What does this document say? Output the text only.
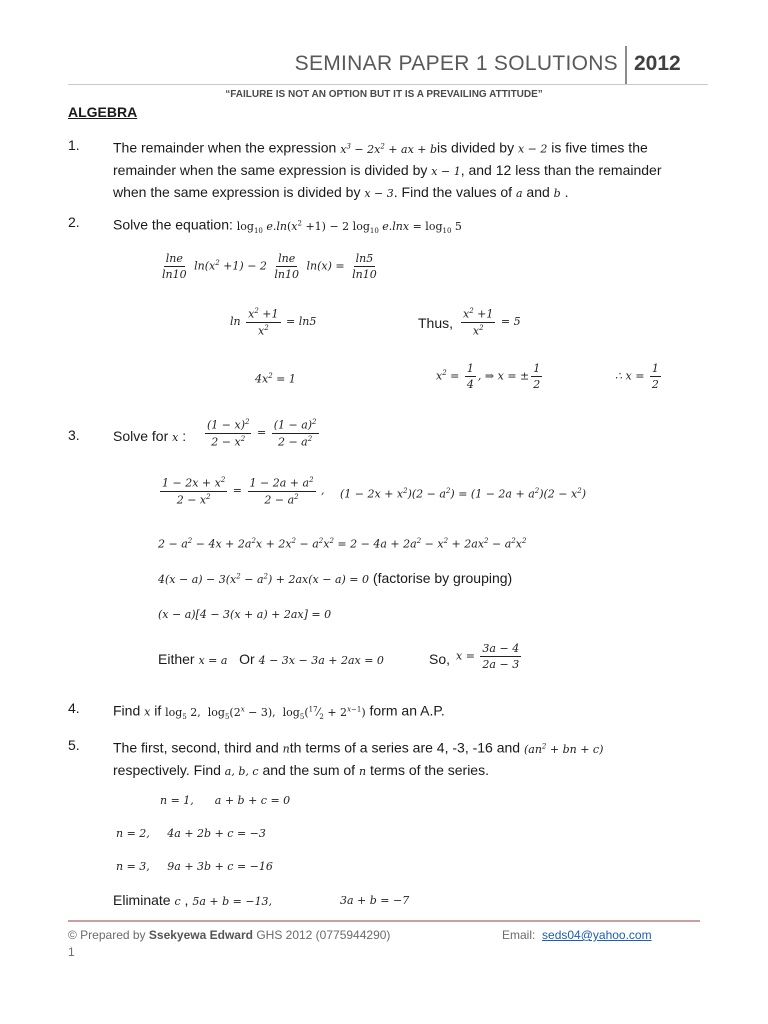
SEMINAR PAPER 1 SOLUTIONS 2012
“FAILURE IS NOT AN OPTION BUT IT IS A PREVAILING ATTITUDE”
ALGEBRA
1. The remainder when the expression $x^3 - 2x^2$ + ax + bis divided by x − 2 is five times the
remainder when the same expression is divided by x − 1, and 12 less than the remainder
when the same expression is divided by x − 3. Find the values of a and b .
2. Solve the equation: $\log_{10} e.\ln(x^2 +1) - 2$ $\log_{10} e.\ln x = \log_{10} 5$
$\frac{\ln e}{\ln 10} \ln(x^2 +1) - 2 \frac{\ln e}{\ln 10} \ln(x) = \frac{\ln 5}{\ln 10}$
$\ln \frac{x^2 +1}{x^2} = \ln 5$	Thus, $\frac{x^2 +1}{x^2} = 5$
$4x^2 = 1$	$x^2 = \frac{1}{4}$ , ⇒ x = ± $\frac{1}{2}$	∴ $x = \frac{1}{2}$
3. Solve for x : $\frac{(1 - x)^2}{2 - x^2} = \frac{(1 - a)^2}{2 - a^2}$
$\frac{1 - 2x + x^2}{2 - x^2} = \frac{1 - 2a + a^2}{2 - a^2}$ , $(1 - 2x + x^2)(2 - a^2) = (1 - 2a + a^2)(2 - x^2)$
$2 - a^2 - 4x + 2a^2x + 2x^2 - a^2x^2 = 2 - 4a + 2a^2 - x^2 + 2ax^2 - a^2x^2$
$4(x - a) - 3(x^2 - a^2) + 2ax(x - a) = 0$ (factorise by grouping)
(x − a)[4 − 3(x + a) + 2ax] = 0
Either x = a Or 4 − 3x − 3a + 2ax = 0	So, $x = \frac{3a - 4}{2a - 3}$
4. Find x if $\log_5 2$,  $\log_5(2^x - 3)$,  $\log_5(^{17}⁄_2 + 2^{x-1})$ form an A.P.
5. The first, second, third and nth terms of a series are 4, -3, -16 and ($an^2$ + bn + c)
respectively. Find a, b, c and the sum of n terms of the series.
n = 1,      a + b + c = 0
n = 2,     4a + 2b + c = −3
n = 3,     9a + 3b + c = −16
Eliminate c , 5a + b = −13,	3a + b = −7
© Prepared by Ssekyewa Edward GHS 2012 (0775944290)	Email: seds04@yahoo.com
1
